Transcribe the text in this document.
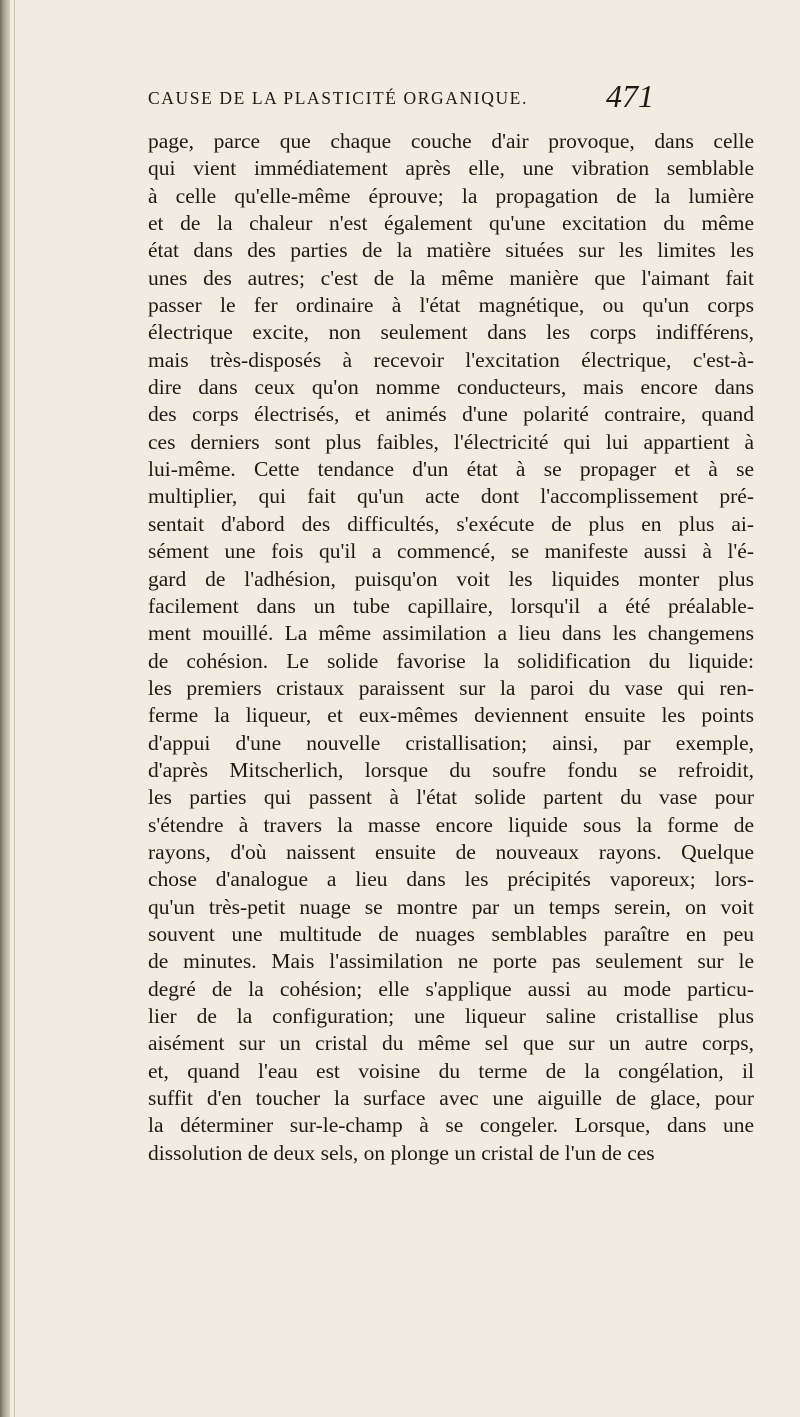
CAUSE DE LA PLASTICITÉ ORGANIQUE. 471
page, parce que chaque couche d'air provoque, dans celle
qui vient immédiatement après elle, une vibration semblable
à celle qu'elle-même éprouve; la propagation de la lumière
et de la chaleur n'est également qu'une excitation du même
état dans des parties de la matière situées sur les limites les
unes des autres; c'est de la même manière que l'aimant fait
passer le fer ordinaire à l'état magnétique, ou qu'un corps
électrique excite, non seulement dans les corps indifférens,
mais très-disposés à recevoir l'excitation électrique, c'est-à-
dire dans ceux qu'on nomme conducteurs, mais encore dans
des corps électrisés, et animés d'une polarité contraire, quand
ces derniers sont plus faibles, l'électricité qui lui appartient à
lui-même. Cette tendance d'un état à se propager et à se
multiplier, qui fait qu'un acte dont l'accomplissement pré-
sentait d'abord des difficultés, s'exécute de plus en plus ai-
sément une fois qu'il a commencé, se manifeste aussi à l'é-
gard de l'adhésion, puisqu'on voit les liquides monter plus
facilement dans un tube capillaire, lorsqu'il a été préalable-
ment mouillé. La même assimilation a lieu dans les changemens
de cohésion. Le solide favorise la solidification du liquide:
les premiers cristaux paraissent sur la paroi du vase qui ren-
ferme la liqueur, et eux-mêmes deviennent ensuite les points
d'appui d'une nouvelle cristallisation; ainsi, par exemple,
d'après Mitscherlich, lorsque du soufre fondu se refroidit,
les parties qui passent à l'état solide partent du vase pour
s'étendre à travers la masse encore liquide sous la forme de
rayons, d'où naissent ensuite de nouveaux rayons. Quelque
chose d'analogue a lieu dans les précipités vaporeux; lors-
qu'un très-petit nuage se montre par un temps serein, on voit
souvent une multitude de nuages semblables paraître en peu
de minutes. Mais l'assimilation ne porte pas seulement sur le
degré de la cohésion; elle s'applique aussi au mode particu-
lier de la configuration; une liqueur saline cristallise plus
aisément sur un cristal du même sel que sur un autre corps,
et, quand l'eau est voisine du terme de la congélation, il
suffit d'en toucher la surface avec une aiguille de glace, pour
la déterminer sur-le-champ à se congeler. Lorsque, dans une
dissolution de deux sels, on plonge un cristal de l'un de ces
